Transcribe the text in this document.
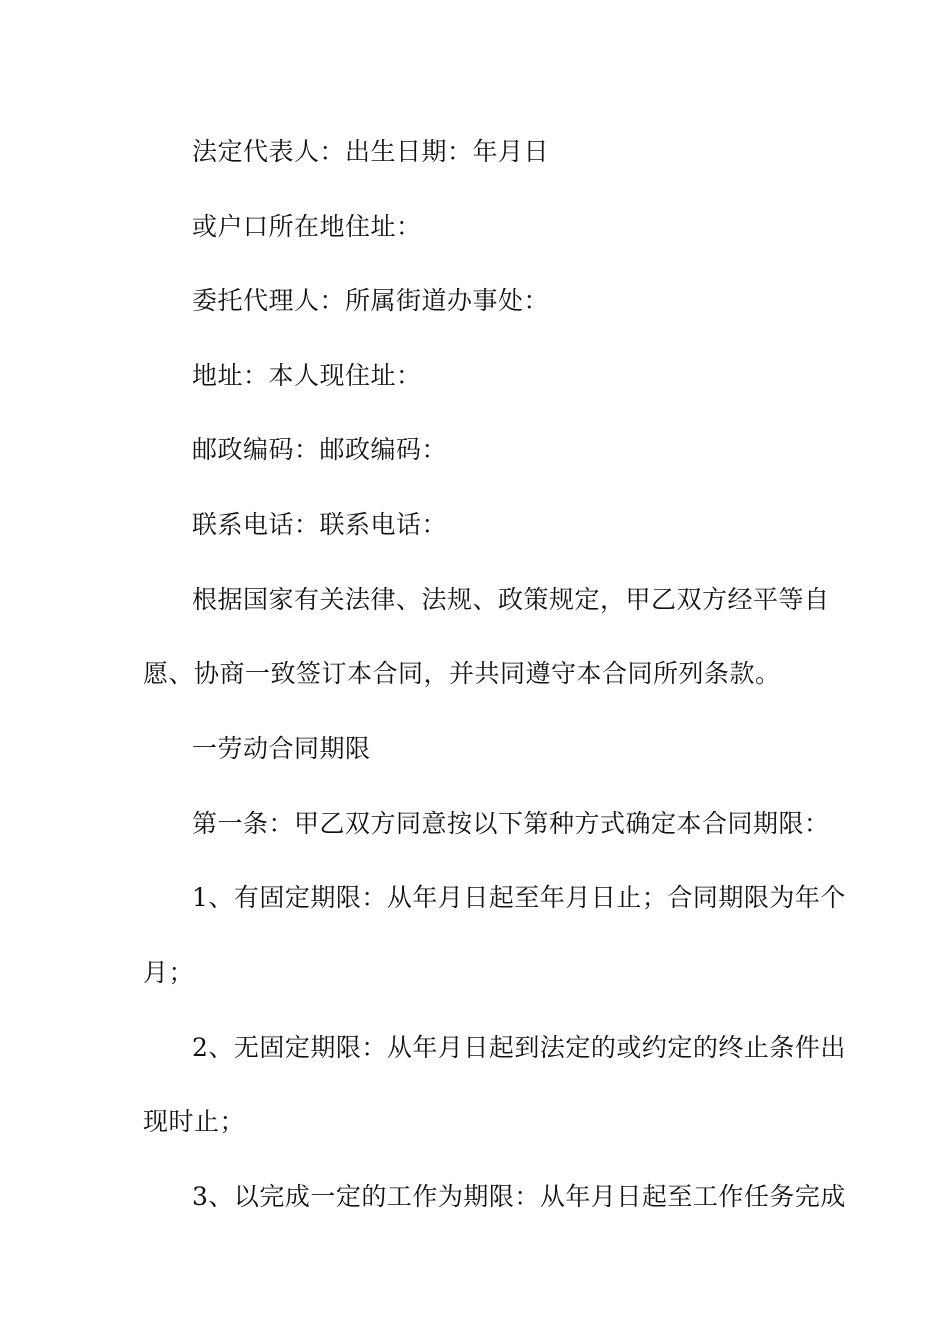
法定代表人：出生日期：年月日
或户口所在地住址：
委托代理人：所属街道办事处：
地址：本人现住址：
邮政编码：邮政编码：
联系电话：联系电话：
根据国家有关法律、法规、政策规定，甲乙双方经平等自
愿、协商一致签订本合同，并共同遵守本合同所列条款。
一劳动合同期限
第一条：甲乙双方同意按以下第种方式确定本合同期限：
1、有固定期限：从年月日起至年月日止；合同期限为年个
月；
2、无固定期限：从年月日起到法定的或约定的终止条件出
现时止；
3、以完成一定的工作为期限：从年月日起至工作任务完成
